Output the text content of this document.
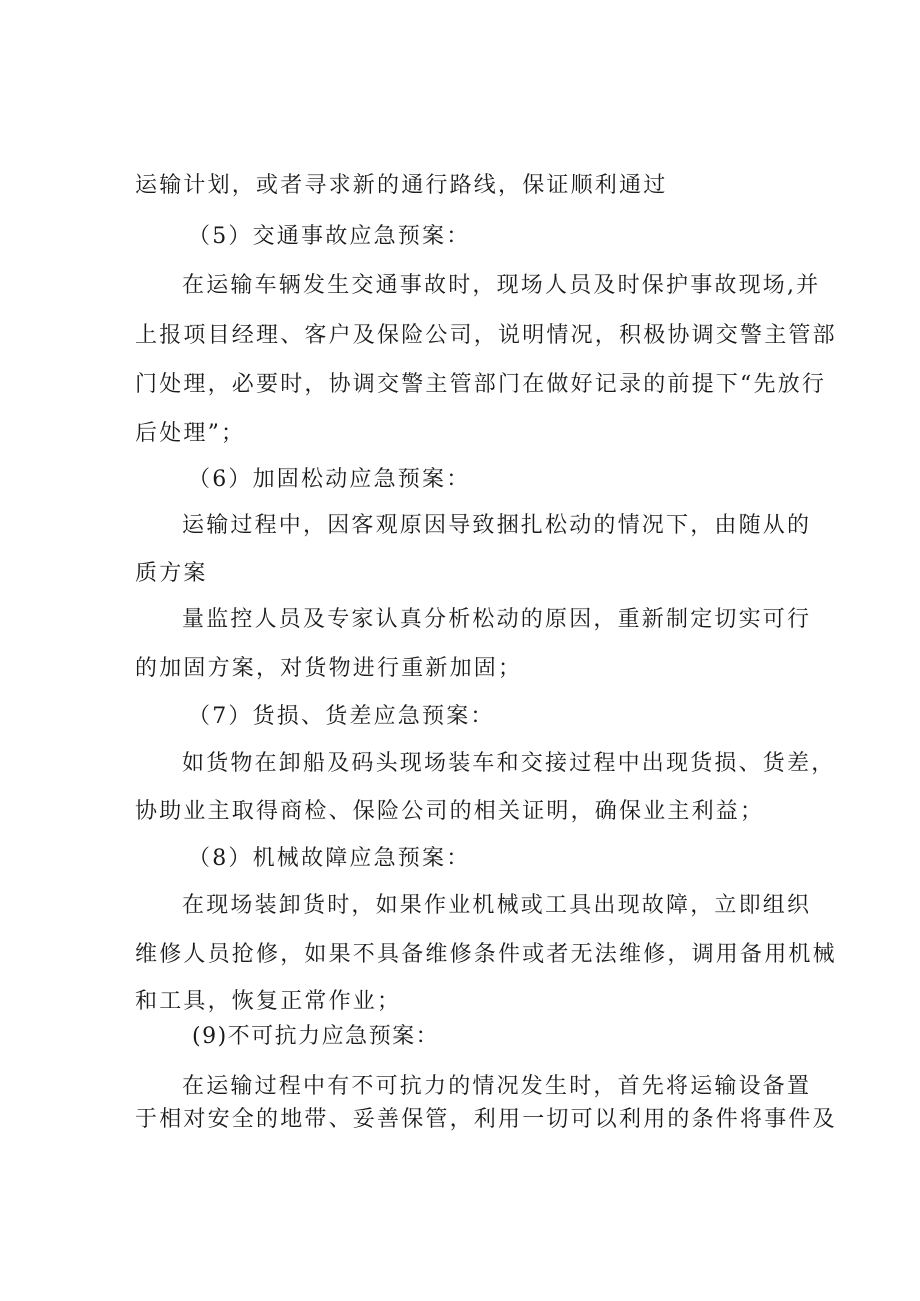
运输计划，或者寻求新的通行路线，保证顺利通过
（5）交通事故应急预案：
在运输车辆发生交通事故时，现场人员及时保护事故现场,并
上报项目经理、客户及保险公司，说明情况，积极协调交警主管部
门处理，必要时，协调交警主管部门在做好记录的前提下“先放行
后处理”；
（6）加固松动应急预案：
运输过程中，因客观原因导致捆扎松动的情况下，由随从的
质方案
量监控人员及专家认真分析松动的原因，重新制定切实可行
的加固方案，对货物进行重新加固；
（7）货损、货差应急预案：
如货物在卸船及码头现场装车和交接过程中出现货损、货差，
协助业主取得商检、保险公司的相关证明，确保业主利益；
（8）机械故障应急预案：
在现场装卸货时，如果作业机械或工具出现故障，立即组织
维修人员抢修，如果不具备维修条件或者无法维修，调用备用机械
和工具，恢复正常作业；
(9)不可抗力应急预案：
在运输过程中有不可抗力的情况发生时，首先将运输设备置
于相对安全的地带、妥善保管，利用一切可以利用的条件将事件及
